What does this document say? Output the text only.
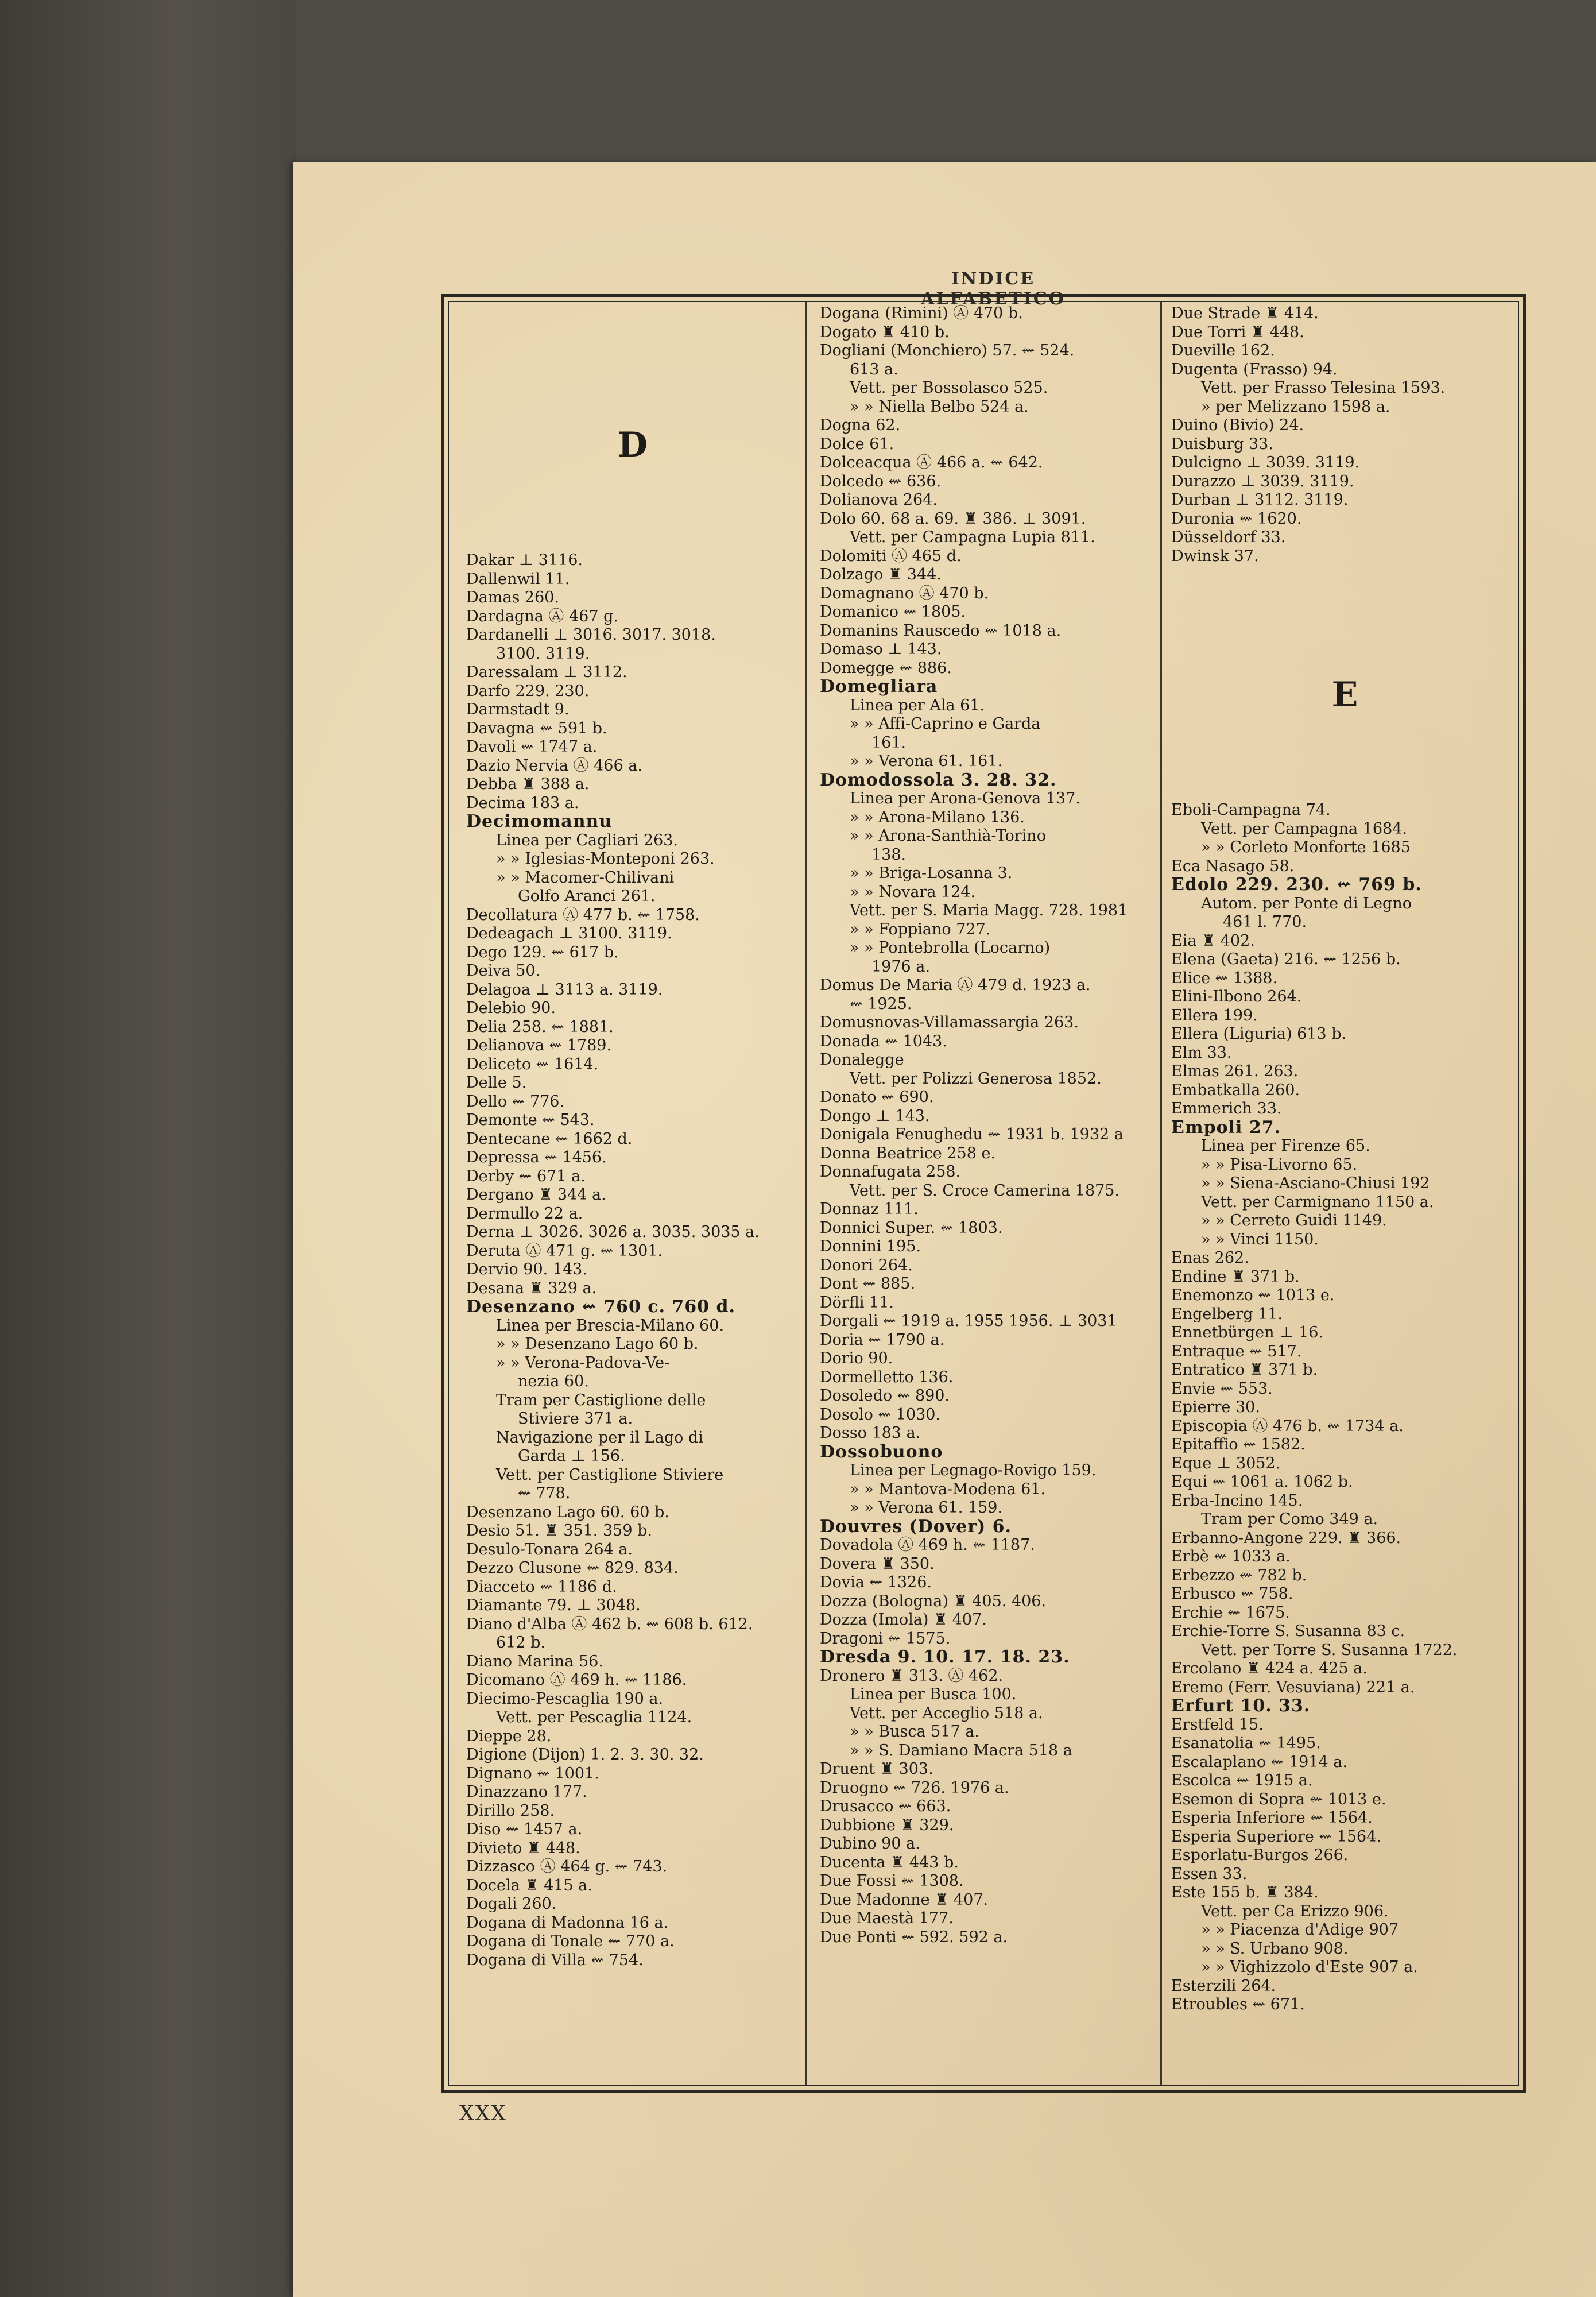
INDICE ALFABETICO
D
Dakar ⊥ 3116.
Dallenwil 11.
Damas 260.
Dardagna Ⓐ 467 g.
Dardanelli ⊥ 3016. 3017. 3018.
3100. 3119.
Daressalam ⊥ 3112.
Darfo 229. 230.
Darmstadt 9.
Davagna ⇜ 591 b.
Davoli ⇜ 1747 a.
Dazio Nervia Ⓐ 466 a.
Debba ♜ 388 a.
Decima 183 a.
Decimomannu
Linea per Cagliari 263.
» » Iglesias-Monteponi 263.
» » Macomer-Chilivani
Golfo Aranci 261.
Decollatura Ⓐ 477 b. ⇜ 1758.
Dedeagach ⊥ 3100. 3119.
Dego 129. ⇜ 617 b.
Deiva 50.
Delagoa ⊥ 3113 a. 3119.
Delebio 90.
Delia 258. ⇜ 1881.
Delianova ⇜ 1789.
Deliceto ⇜ 1614.
Delle 5.
Dello ⇜ 776.
Demonte ⇜ 543.
Dentecane ⇜ 1662 d.
Depressa ⇜ 1456.
Derby ⇜ 671 a.
Dergano ♜ 344 a.
Dermullo 22 a.
Derna ⊥ 3026. 3026 a. 3035. 3035 a.
Deruta Ⓐ 471 g. ⇜ 1301.
Dervio 90. 143.
Desana ♜ 329 a.
Desenzano ⇜ 760 c. 760 d.
Linea per Brescia-Milano 60.
» » Desenzano Lago 60 b.
» » Verona-Padova-Ve-
nezia 60.
Tram per Castiglione delle
Stiviere 371 a.
Navigazione per il Lago di
Garda ⊥ 156.
Vett. per Castiglione Stiviere
⇜ 778.
Desenzano Lago 60. 60 b.
Desio 51. ♜ 351. 359 b.
Desulo-Tonara 264 a.
Dezzo Clusone ⇜ 829. 834.
Diacceto ⇜ 1186 d.
Diamante 79. ⊥ 3048.
Diano d'Alba Ⓐ 462 b. ⇜ 608 b. 612.
612 b.
Diano Marina 56.
Dicomano Ⓐ 469 h. ⇜ 1186.
Diecimo-Pescaglia 190 a.
Vett. per Pescaglia 1124.
Dieppe 28.
Digione (Dijon) 1. 2. 3. 30. 32.
Dignano ⇜ 1001.
Dinazzano 177.
Dirillo 258.
Diso ⇜ 1457 a.
Divieto ♜ 448.
Dizzasco Ⓐ 464 g. ⇜ 743.
Docela ♜ 415 a.
Dogali 260.
Dogana di Madonna 16 a.
Dogana di Tonale ⇜ 770 a.
Dogana di Villa ⇜ 754.
Dogana (Rimini) Ⓐ 470 b.
Dogato ♜ 410 b.
Dogliani (Monchiero) 57. ⇜ 524.
613 a.
Vett. per Bossolasco 525.
» » Niella Belbo 524 a.
Dogna 62.
Dolce 61.
Dolceacqua Ⓐ 466 a. ⇜ 642.
Dolcedo ⇜ 636.
Dolianova 264.
Dolo 60. 68 a. 69. ♜ 386. ⊥ 3091.
Vett. per Campagna Lupia 811.
Dolomiti Ⓐ 465 d.
Dolzago ♜ 344.
Domagnano Ⓐ 470 b.
Domanico ⇜ 1805.
Domanins Rauscedo ⇜ 1018 a.
Domaso ⊥ 143.
Domegge ⇜ 886.
Domegliara
Linea per Ala 61.
» » Affi-Caprino e Garda
161.
» » Verona 61. 161.
Domodossola 3. 28. 32.
Linea per Arona-Genova 137.
» » Arona-Milano 136.
» » Arona-Santhià-Torino
138.
» » Briga-Losanna 3.
» » Novara 124.
Vett. per S. Maria Magg. 728. 1981
» » Foppiano 727.
» » Pontebrolla (Locarno)
1976 a.
Domus De Maria Ⓐ 479 d. 1923 a.
⇜ 1925.
Domusnovas-Villamassargia 263.
Donada ⇜ 1043.
Donalegge
Vett. per Polizzi Generosa 1852.
Donato ⇜ 690.
Dongo ⊥ 143.
Donigala Fenughedu ⇜ 1931 b. 1932 a
Donna Beatrice 258 e.
Donnafugata 258.
Vett. per S. Croce Camerina 1875.
Donnaz 111.
Donnici Super. ⇜ 1803.
Donnini 195.
Donori 264.
Dont ⇜ 885.
Dörfli 11.
Dorgali ⇜ 1919 a. 1955 1956. ⊥ 3031
Doria ⇜ 1790 a.
Dorio 90.
Dormelletto 136.
Dosoledo ⇜ 890.
Dosolo ⇜ 1030.
Dosso 183 a.
Dossobuono
Linea per Legnago-Rovigo 159.
» » Mantova-Modena 61.
» » Verona 61. 159.
Douvres (Dover) 6.
Dovadola Ⓐ 469 h. ⇜ 1187.
Dovera ♜ 350.
Dovia ⇜ 1326.
Dozza (Bologna) ♜ 405. 406.
Dozza (Imola) ♜ 407.
Dragoni ⇜ 1575.
Dresda 9. 10. 17. 18. 23.
Dronero ♜ 313. Ⓐ 462.
Linea per Busca 100.
Vett. per Acceglio 518 a.
» » Busca 517 a.
» » S. Damiano Macra 518 a
Druent ♜ 303.
Druogno ⇜ 726. 1976 a.
Drusacco ⇜ 663.
Dubbione ♜ 329.
Dubino 90 a.
Ducenta ♜ 443 b.
Due Fossi ⇜ 1308.
Due Madonne ♜ 407.
Due Maestà 177.
Due Ponti ⇜ 592. 592 a.
Due Strade ♜ 414.
Due Torri ♜ 448.
Dueville 162.
Dugenta (Frasso) 94.
Vett. per Frasso Telesina 1593.
» per Melizzano 1598 a.
Duino (Bivio) 24.
Duisburg 33.
Dulcigno ⊥ 3039. 3119.
Durazzo ⊥ 3039. 3119.
Durban ⊥ 3112. 3119.
Duronia ⇜ 1620.
Düsseldorf 33.
Dwinsk 37.
E
Eboli-Campagna 74.
Vett. per Campagna 1684.
» » Corleto Monforte 1685
Eca Nasago 58.
Edolo 229. 230. ⇜ 769 b.
Autom. per Ponte di Legno
461 l. 770.
Eia ♜ 402.
Elena (Gaeta) 216. ⇜ 1256 b.
Elice ⇜ 1388.
Elini-Ilbono 264.
Ellera 199.
Ellera (Liguria) 613 b.
Elm 33.
Elmas 261. 263.
Embatkalla 260.
Emmerich 33.
Empoli 27.
Linea per Firenze 65.
» » Pisa-Livorno 65.
» » Siena-Asciano-Chiusi 192
Vett. per Carmignano 1150 a.
» » Cerreto Guidi 1149.
» » Vinci 1150.
Enas 262.
Endine ♜ 371 b.
Enemonzo ⇜ 1013 e.
Engelberg 11.
Ennetbürgen ⊥ 16.
Entraque ⇜ 517.
Entratico ♜ 371 b.
Envie ⇜ 553.
Epierre 30.
Episcopia Ⓐ 476 b. ⇜ 1734 a.
Epitaffio ⇜ 1582.
Eque ⊥ 3052.
Equi ⇜ 1061 a. 1062 b.
Erba-Incino 145.
Tram per Como 349 a.
Erbanno-Angone 229. ♜ 366.
Erbè ⇜ 1033 a.
Erbezzo ⇜ 782 b.
Erbusco ⇜ 758.
Erchie ⇜ 1675.
Erchie-Torre S. Susanna 83 c.
Vett. per Torre S. Susanna 1722.
Ercolano ♜ 424 a. 425 a.
Eremo (Ferr. Vesuviana) 221 a.
Erfurt 10. 33.
Erstfeld 15.
Esanatolia ⇜ 1495.
Escalaplano ⇜ 1914 a.
Escolca ⇜ 1915 a.
Esemon di Sopra ⇜ 1013 e.
Esperia Inferiore ⇜ 1564.
Esperia Superiore ⇜ 1564.
Esporlatu-Burgos 266.
Essen 33.
Este 155 b. ♜ 384.
Vett. per Ca Erizzo 906.
» » Piacenza d'Adige 907
» » S. Urbano 908.
» » Vighizzolo d'Este 907 a.
Esterzili 264.
Etroubles ⇜ 671.
XXX
